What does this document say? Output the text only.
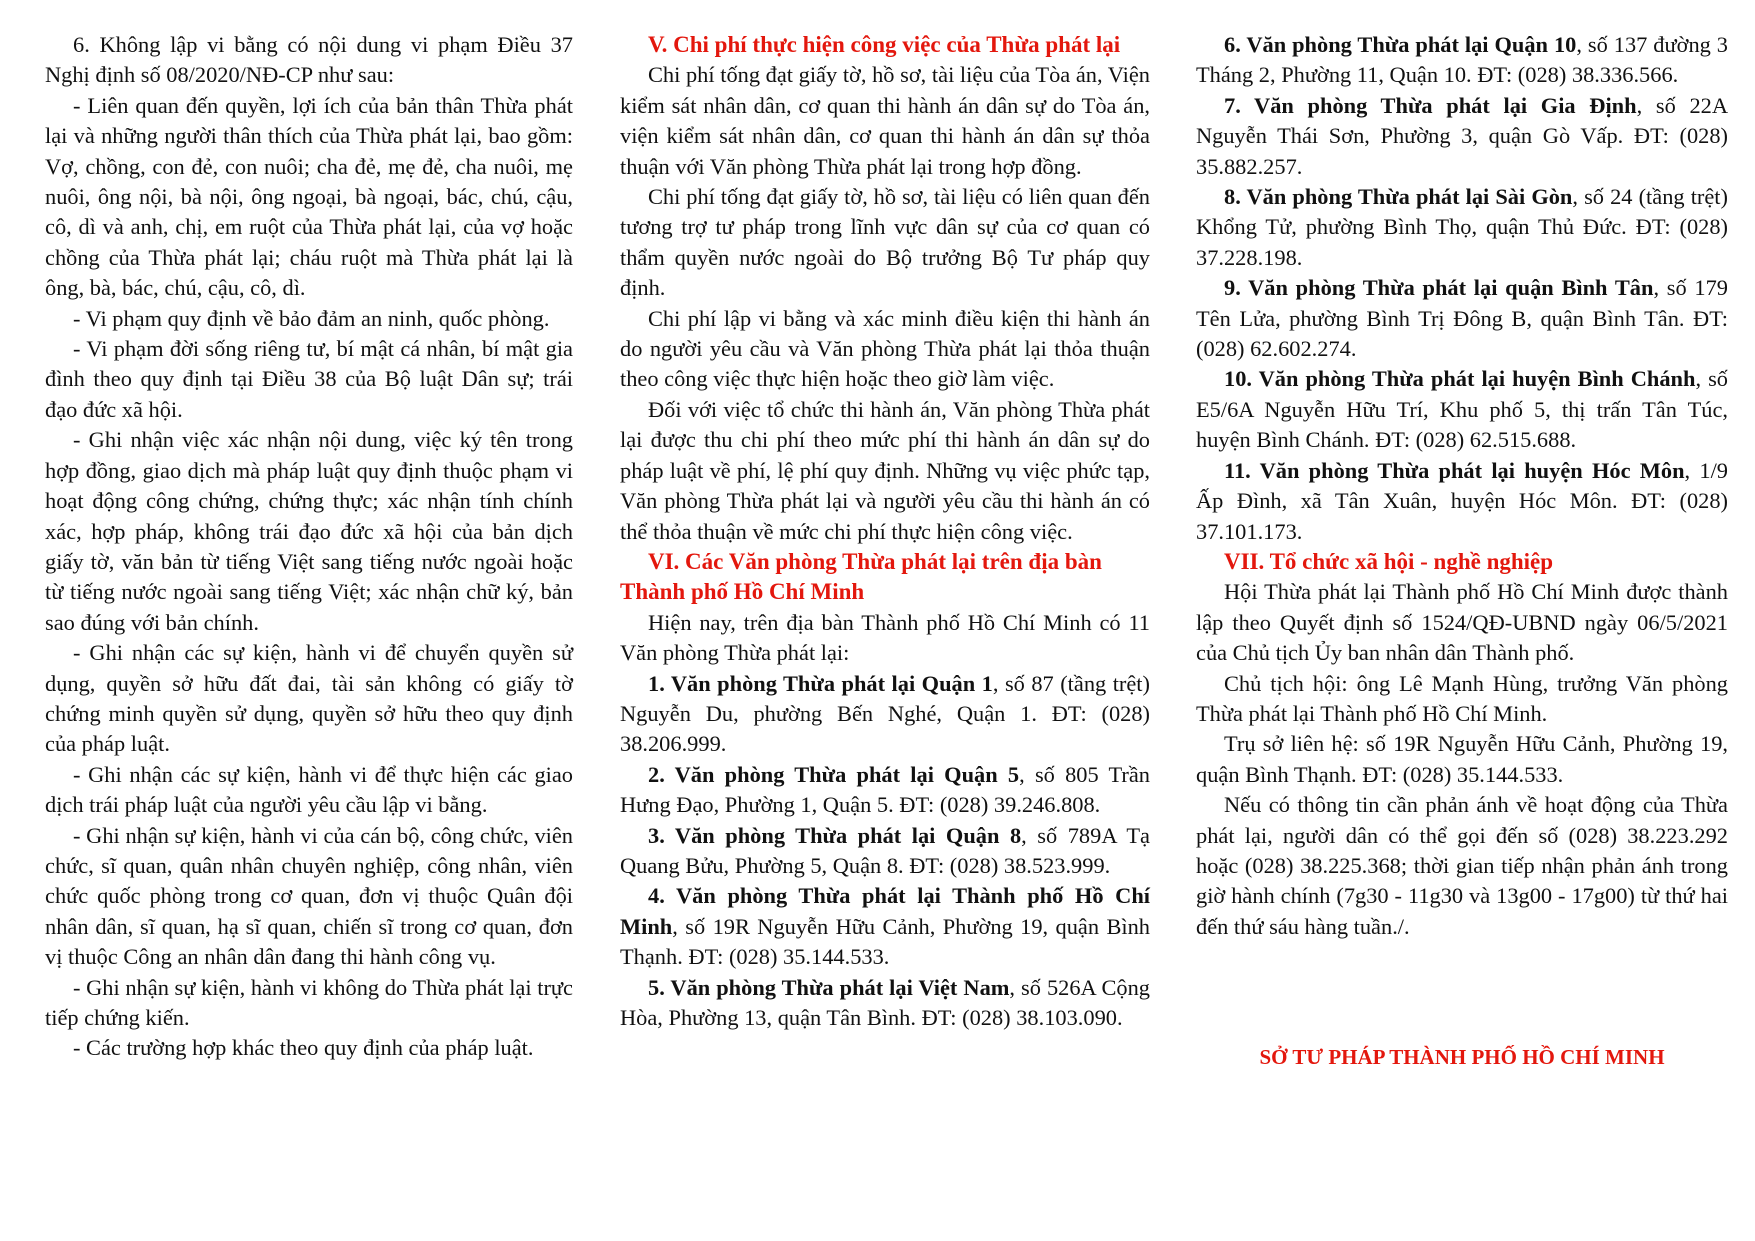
6. Không lập vi bằng có nội dung vi phạm Điều 37 Nghị định số 08/2020/NĐ-CP như sau:

- Liên quan đến quyền, lợi ích của bản thân Thừa phát lại và những người thân thích của Thừa phát lại, bao gồm: Vợ, chồng, con đẻ, con nuôi; cha đẻ, mẹ đẻ, cha nuôi, mẹ nuôi, ông nội, bà nội, ông ngoại, bà ngoại, bác, chú, cậu, cô, dì và anh, chị, em ruột của Thừa phát lại, của vợ hoặc chồng của Thừa phát lại; cháu ruột mà Thừa phát lại là ông, bà, bác, chú, cậu, cô, dì.

- Vi phạm quy định về bảo đảm an ninh, quốc phòng.

- Vi phạm đời sống riêng tư, bí mật cá nhân, bí mật gia đình theo quy định tại Điều 38 của Bộ luật Dân sự; trái đạo đức xã hội.

- Ghi nhận việc xác nhận nội dung, việc ký tên trong hợp đồng, giao dịch mà pháp luật quy định thuộc phạm vi hoạt động công chứng, chứng thực; xác nhận tính chính xác, hợp pháp, không trái đạo đức xã hội của bản dịch giấy tờ, văn bản từ tiếng Việt sang tiếng nước ngoài hoặc từ tiếng nước ngoài sang tiếng Việt; xác nhận chữ ký, bản sao đúng với bản chính.

- Ghi nhận các sự kiện, hành vi để chuyển quyền sử dụng, quyền sở hữu đất đai, tài sản không có giấy tờ chứng minh quyền sử dụng, quyền sở hữu theo quy định của pháp luật.

- Ghi nhận các sự kiện, hành vi để thực hiện các giao dịch trái pháp luật của người yêu cầu lập vi bằng.

- Ghi nhận sự kiện, hành vi của cán bộ, công chức, viên chức, sĩ quan, quân nhân chuyên nghiệp, công nhân, viên chức quốc phòng trong cơ quan, đơn vị thuộc Quân đội nhân dân, sĩ quan, hạ sĩ quan, chiến sĩ trong cơ quan, đơn vị thuộc Công an nhân dân đang thi hành công vụ.

- Ghi nhận sự kiện, hành vi không do Thừa phát lại trực tiếp chứng kiến.

- Các trường hợp khác theo quy định của pháp luật.

V. Chi phí thực hiện công việc của Thừa phát lại

Chi phí tống đạt giấy tờ, hồ sơ, tài liệu của Tòa án, Viện kiểm sát nhân dân, cơ quan thi hành án dân sự do Tòa án, viện kiểm sát nhân dân, cơ quan thi hành án dân sự thỏa thuận với Văn phòng Thừa phát lại trong hợp đồng.

Chi phí tống đạt giấy tờ, hồ sơ, tài liệu có liên quan đến tương trợ tư pháp trong lĩnh vực dân sự của cơ quan có thẩm quyền nước ngoài do Bộ trưởng Bộ Tư pháp quy định.

Chi phí lập vi bằng và xác minh điều kiện thi hành án do người yêu cầu và Văn phòng Thừa phát lại thỏa thuận theo công việc thực hiện hoặc theo giờ làm việc.

Đối với việc tổ chức thi hành án, Văn phòng Thừa phát lại được thu chi phí theo mức phí thi hành án dân sự do pháp luật về phí, lệ phí quy định. Những vụ việc phức tạp, Văn phòng Thừa phát lại và người yêu cầu thi hành án có thể thỏa thuận về mức chi phí thực hiện công việc.

VI. Các Văn phòng Thừa phát lại trên địa bàn Thành phố Hồ Chí Minh

Hiện nay, trên địa bàn Thành phố Hồ Chí Minh có 11 Văn phòng Thừa phát lại:

1. Văn phòng Thừa phát lại Quận 1, số 87 (tầng trệt) Nguyễn Du, phường Bến Nghé, Quận 1. ĐT: (028) 38.206.999.

2. Văn phòng Thừa phát lại Quận 5, số 805 Trần Hưng Đạo, Phường 1, Quận 5. ĐT: (028) 39.246.808.

3. Văn phòng Thừa phát lại Quận 8, số 789A Tạ Quang Bửu, Phường 5, Quận 8. ĐT: (028) 38.523.999.

4. Văn phòng Thừa phát lại Thành phố Hồ Chí Minh, số 19R Nguyễn Hữu Cảnh, Phường 19, quận Bình Thạnh. ĐT: (028) 35.144.533.

5. Văn phòng Thừa phát lại Việt Nam, số 526A Cộng Hòa, Phường 13, quận Tân Bình. ĐT: (028) 38.103.090.

6. Văn phòng Thừa phát lại Quận 10, số 137 đường 3 Tháng 2, Phường 11, Quận 10. ĐT: (028) 38.336.566.

7. Văn phòng Thừa phát lại Gia Định, số 22A Nguyễn Thái Sơn, Phường 3, quận Gò Vấp. ĐT: (028) 35.882.257.

8. Văn phòng Thừa phát lại Sài Gòn, số 24 (tầng trệt) Khổng Tử, phường Bình Thọ, quận Thủ Đức. ĐT: (028) 37.228.198.

9. Văn phòng Thừa phát lại quận Bình Tân, số 179 Tên Lửa, phường Bình Trị Đông B, quận Bình Tân. ĐT: (028) 62.602.274.

10. Văn phòng Thừa phát lại huyện Bình Chánh, số E5/6A Nguyễn Hữu Trí, Khu phố 5, thị trấn Tân Túc, huyện Bình Chánh. ĐT: (028) 62.515.688.

11. Văn phòng Thừa phát lại huyện Hóc Môn, 1/9 Ấp Đình, xã Tân Xuân, huyện Hóc Môn. ĐT: (028) 37.101.173.

VII. Tổ chức xã hội - nghề nghiệp

Hội Thừa phát lại Thành phố Hồ Chí Minh được thành lập theo Quyết định số 1524/QĐ-UBND ngày 06/5/2021 của Chủ tịch Ủy ban nhân dân Thành phố.

Chủ tịch hội: ông Lê Mạnh Hùng, trưởng Văn phòng Thừa phát lại Thành phố Hồ Chí Minh.

Trụ sở liên hệ: số 19R Nguyễn Hữu Cảnh, Phường 19, quận Bình Thạnh. ĐT: (028) 35.144.533.

Nếu có thông tin cần phản ánh về hoạt động của Thừa phát lại, người dân có thể gọi đến số (028) 38.223.292 hoặc (028) 38.225.368; thời gian tiếp nhận phản ánh trong giờ hành chính (7g30 - 11g30 và 13g00 - 17g00) từ thứ hai đến thứ sáu hàng tuần./.

SỞ TƯ PHÁP THÀNH PHỐ HỒ CHÍ MINH
